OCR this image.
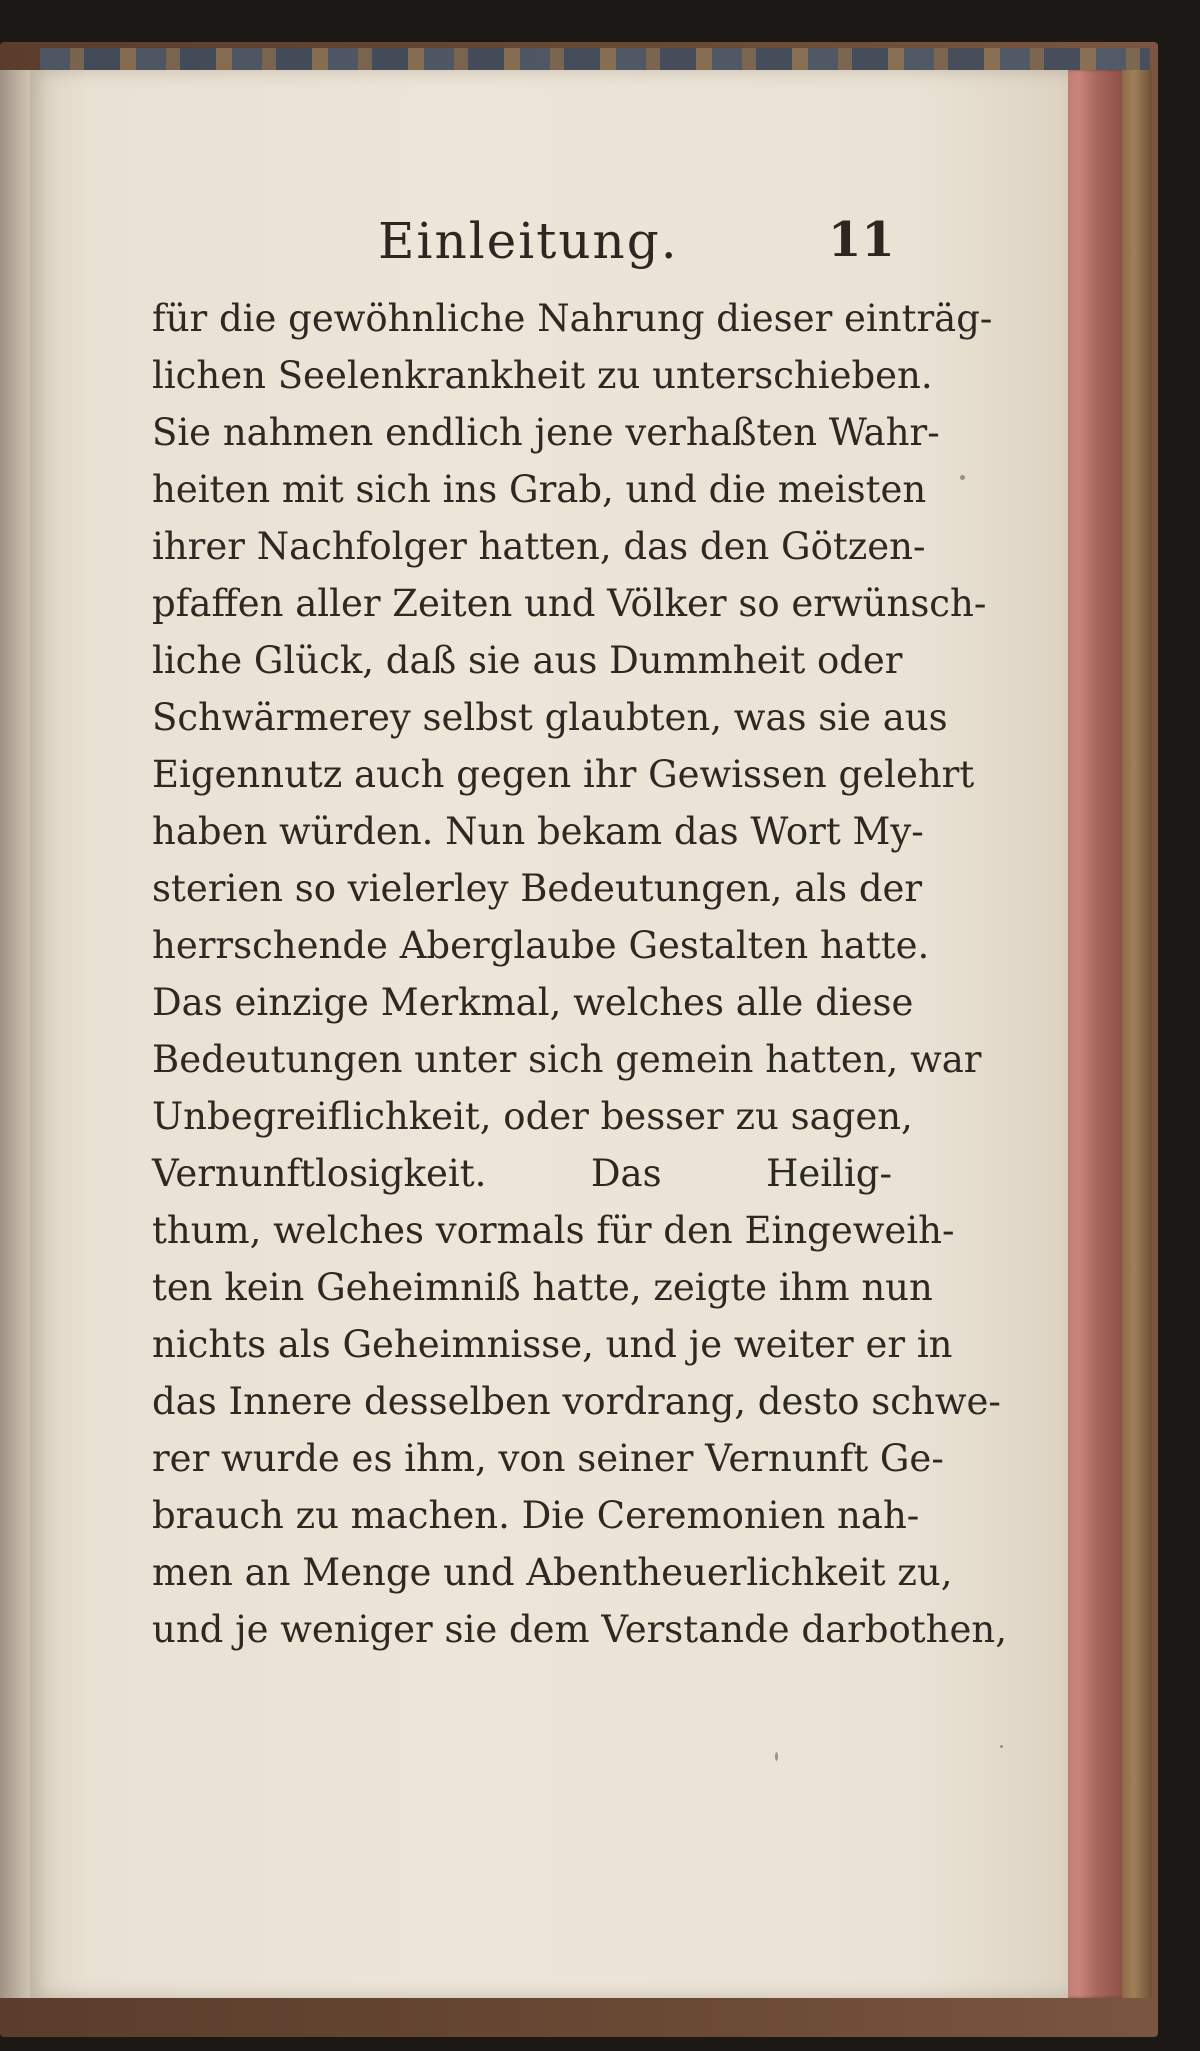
Einleitung.	11
für die gewöhnliche Nahrung dieser einträg-
lichen Seelenkrankheit zu unterschieben.
Sie nahmen endlich jene verhaßten Wahr-
heiten mit sich ins Grab, und die meisten
ihrer Nachfolger hatten, das den Götzen-
pfaffen aller Zeiten und Völker so erwünsch-
liche Glück, daß sie aus Dummheit oder
Schwärmerey selbst glaubten, was sie aus
Eigennutz auch gegen ihr Gewissen gelehrt
haben würden. Nun bekam das Wort My-
sterien so vielerley Bedeutungen, als der
herrschende Aberglaube Gestalten hatte.
Das einzige Merkmal, welches alle diese
Bedeutungen unter sich gemein hatten, war
Unbegreiflichkeit, oder besser zu sagen,
Vernunftlosigkeit. Das Heilig-
thum, welches vormals für den Eingeweih-
ten kein Geheimniß hatte, zeigte ihm nun
nichts als Geheimnisse, und je weiter er in
das Innere desselben vordrang, desto schwe-
rer wurde es ihm, von seiner Vernunft Ge-
brauch zu machen. Die Ceremonien nah-
men an Menge und Abentheuerlichkeit zu,
und je weniger sie dem Verstande darbothen,
